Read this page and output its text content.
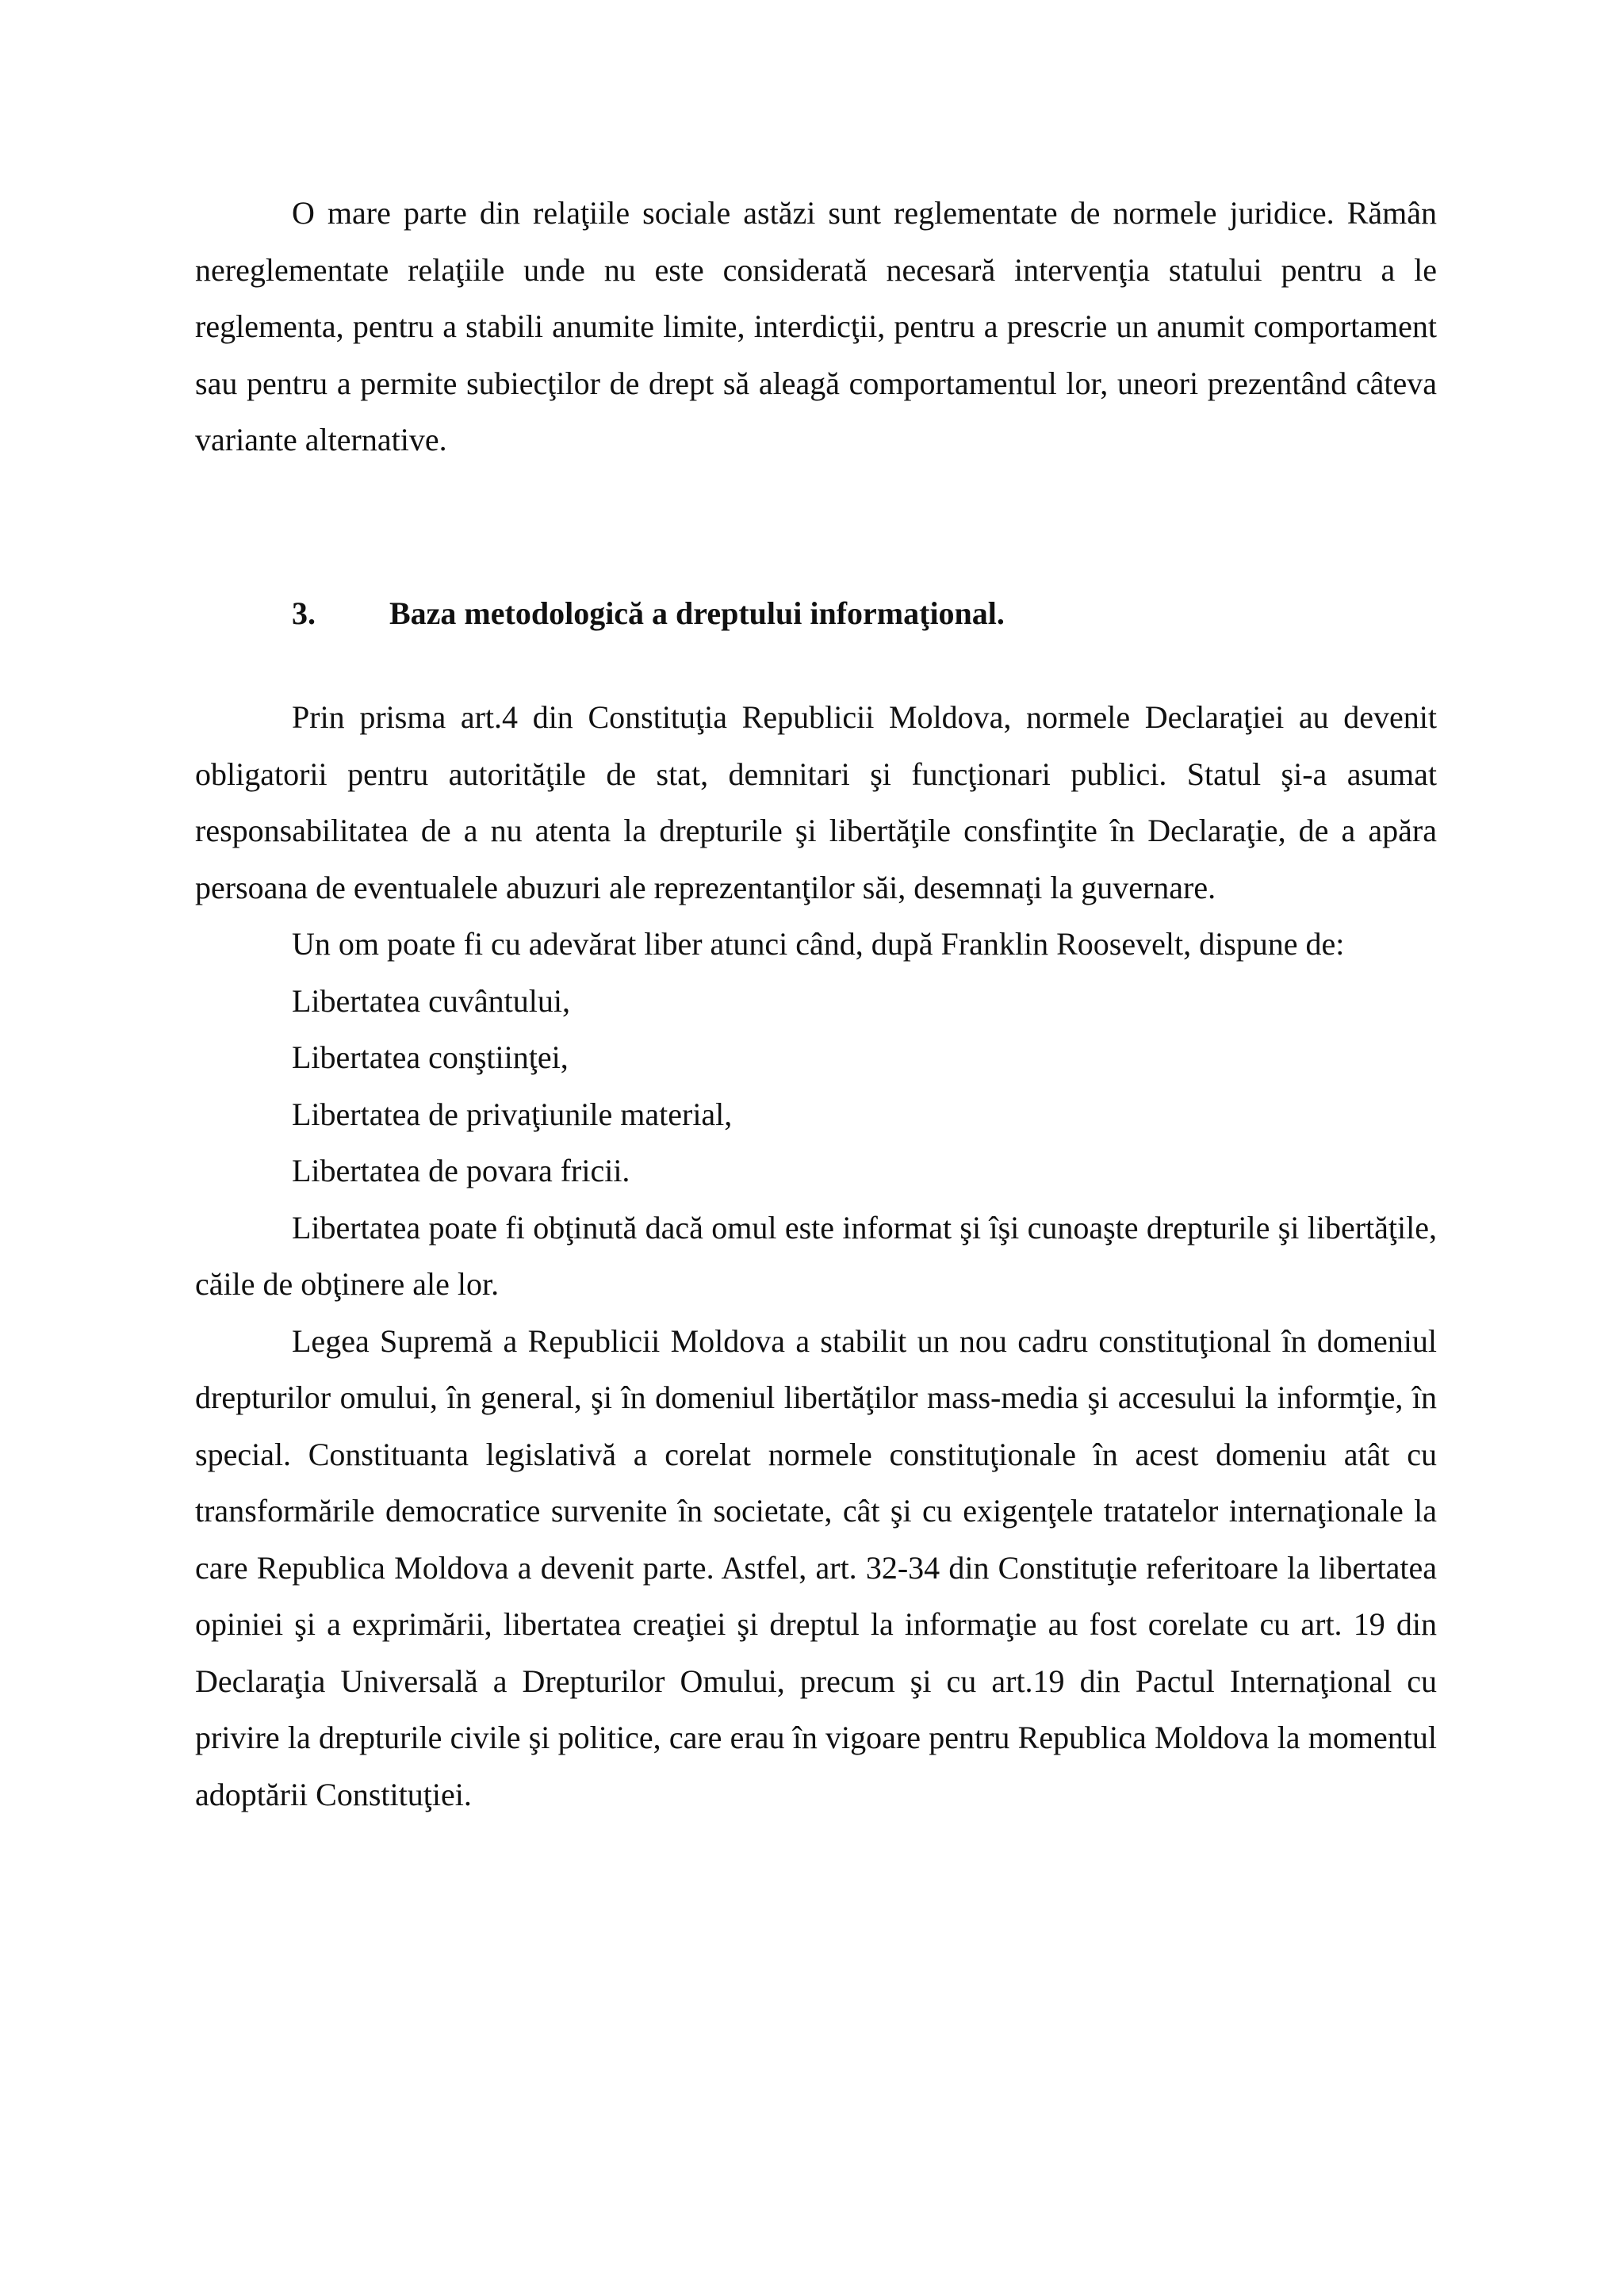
O mare parte din relaţiile sociale astăzi sunt reglementate de normele juridice. Rămân nereglementate relaţiile unde nu este considerată necesară intervenţia statului pentru a le reglementa, pentru a stabili anumite limite, interdicţii, pentru a prescrie un anumit comportament sau pentru a permite subiecţilor de drept să aleagă comportamentul lor, uneori prezentând câteva variante alternative.

3.	Baza metodologică a dreptului informaţional.

Prin prisma art.4 din Constituţia Republicii Moldova, normele Declaraţiei au devenit obligatorii pentru autorităţile de stat, demnitari şi funcţionari publici. Statul şi-a asumat responsabilitatea de a nu atenta la drepturile şi libertăţile consfinţite în Declaraţie, de a apăra persoana de eventualele abuzuri ale reprezentanţilor săi, desemnaţi la guvernare.

Un om poate fi cu adevărat liber atunci când, după Franklin Roosevelt, dispune de:

Libertatea cuvântului,

Libertatea conştiinţei,

Libertatea de privaţiunile material,

Libertatea de povara fricii.

Libertatea poate fi obţinută dacă omul este informat şi îşi cunoaşte drepturile şi libertăţile, căile de obţinere ale lor.

Legea Supremă a Republicii Moldova a stabilit un nou cadru constituţional în domeniul drepturilor omului, în general, şi în domeniul libertăţilor mass-media şi accesului la informţie, în special. Constituanta legislativă a corelat normele constituţionale în acest domeniu atât cu transformările democratice survenite în societate, cât şi cu exigenţele tratatelor internaţionale la care Republica Moldova a devenit parte. Astfel, art. 32-34 din Constituţie referitoare la libertatea opiniei şi a exprimării, libertatea creaţiei şi dreptul la informaţie au fost corelate cu art. 19 din Declaraţia Universală a Drepturilor Omului, precum şi cu art.19 din Pactul Internaţional cu privire la drepturile civile şi politice, care erau în vigoare pentru Republica Moldova la momentul adoptării Constituţiei.
